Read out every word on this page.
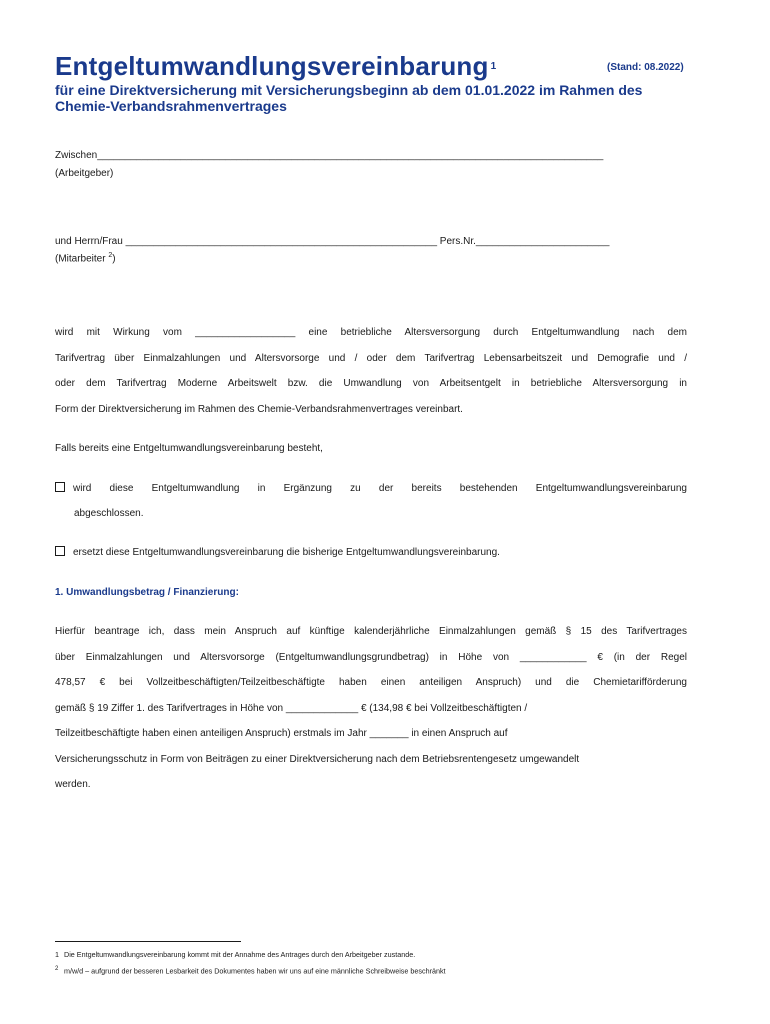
Entgeltumwandlungsvereinbarung $^1$	(Stand: 08.2022)
für eine Direktversicherung mit Versicherungsbeginn ab dem 01.01.2022 im Rahmen des Chemie-Verbandsrahmenvertrages
Zwischen___________________________________________________________________________________________
(Arbeitgeber)
und Herrn/Frau ________________________________________________________ Pers.Nr.________________________
(Mitarbeiter $^2$)
wird mit Wirkung vom __________________ eine betriebliche Altersversorgung durch Entgeltumwandlung nach dem
Tarifvertrag über Einmalzahlungen und Altersvorsorge und / oder dem Tarifvertrag Lebensarbeitszeit und Demografie und /
oder dem Tarifvertrag Moderne Arbeitswelt bzw. die Umwandlung von Arbeitsentgelt in betriebliche Altersversorgung in
Form der Direktversicherung im Rahmen des Chemie-Verbandsrahmenvertrages vereinbart.
Falls bereits eine Entgeltumwandlungsvereinbarung besteht,
wird diese Entgeltumwandlung in Ergänzung zu der bereits bestehenden Entgeltumwandlungsvereinbarung
abgeschlossen.
ersetzt diese Entgeltumwandlungsvereinbarung die bisherige Entgeltumwandlungsvereinbarung.
1. Umwandlungsbetrag / Finanzierung:
Hierfür beantrage ich, dass mein Anspruch auf künftige kalenderjährliche Einmalzahlungen gemäß § 15 des Tarifvertrages
über Einmalzahlungen und Altersvorsorge (Entgeltumwandlungsgrundbetrag) in Höhe von ____________ € (in der Regel
478,57 € bei Vollzeitbeschäftigten/Teilzeitbeschäftigte haben einen anteiligen Anspruch) und die Chemietarifförderung
gemäß § 19 Ziffer 1. des Tarifvertrages in Höhe von _____________ € (134,98 € bei Vollzeitbeschäftigten /
Teilzeitbeschäftigte haben einen anteiligen Anspruch) erstmals im Jahr _______ in einen Anspruch auf
Versicherungsschutz in Form von Beiträgen zu einer Direktversicherung nach dem Betriebsrentengesetz umgewandelt
werden.
1 Die Entgeltumwandlungsvereinbarung kommt mit der Annahme des Antrages durch den Arbeitgeber zustande.
$^2$ m/w/d – aufgrund der besseren Lesbarkeit des Dokumentes haben wir uns auf eine männliche Schreibweise beschränkt
